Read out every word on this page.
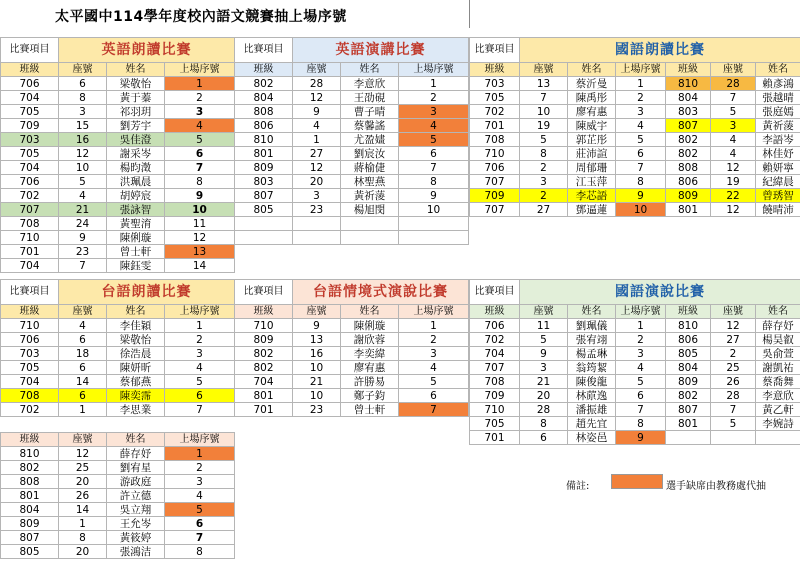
太平國中114學年度校內語文競賽抽上場序號
比賽項目	英語朗讀比賽		
班級	座號	姓名	上場序號
706	6	梁敬怡	1
704	8	黃于蓁	2
705	3	祁羽玥	3
709	15	劉芳宇	4
703	16	吳佳澄	5
705	12	謝采岑	6
704	10	楊昀澂	7
706	5	洪珮晨	8
702	4	胡婷宸	9
707	21	張詠智	10
708	24	黃聖淯	11
710	9	陳俐璇	12
701	23	曾士軒	13
704	7	陳鈺雯	14
比賽項目	英語演講比賽		
班級	座號	姓名	上場序號
802	28	李意欣	1
804	12	王劭硯	2
808	9	曹子晴	3
806	4	蔡馨謠	4
810	1	尤盈嫿	5
801	27	劉宸汝	6
809	12	蔣榆倢	7
803	20	林聖燕	8
807	3	黃祈蔆	9
805	23	楊旭閔	10

比賽項目	國語朗讀比賽					
班級	座號	姓名	上場序號	班級	座號	姓名
703	13	蔡沂曼	1	810	28	賴彥鴻
705	7	陳禹彤	2	804	7	張越晴
702	10	廖宥惠	3	803	5	張庭嫣
701	19	陳威宇	4	807	3	黃祈蔆
708	5	郭芷彤	5	802	4	李語岑
710	8	莊沛諠	6	802	4	林佳妤
706	2	周郁珊	7	808	12	賴妍寧
707	3	江玉萍	8	806	19	紀緯晨
709	2	李芯語	9	809	22	曾琇智
707	27	鄧逼蓮	10	801	12	饒晴沛
比賽項目	台語朗讀比賽		
班級	座號	姓名	上場序號
710	4	李佳穎	1
706	6	梁敬怡	2
703	18	徐浩晨	3
705	6	陳妍昕	4
704	14	蔡郁燕	5
708	6	陳奕霈	6
702	1	李思業	7
比賽項目	台語情境式演說比賽		
班級	座號	姓名	上場序號
710	9	陳俐璇	1
809	13	謝欣蓉	2
802	16	李奕緯	3
802	10	廖宥惠	4
704	21	許勝易	5
801	10	鄭子鈞	6
701	23	曾士軒	7
比賽項目	國語演說比賽					
班級	座號	姓名	上場序號	班級	座號	姓名
706	11	劉珮儀	1	810	12	薛存妤
702	5	張宥翊	2	806	27	楊昊叡
704	9	楊孟琳	3	805	2	吳俞萱
707	3	翁筠絜	4	804	25	謝凱祐
708	21	陳俊龍	5	809	26	蔡喬舞
709	20	林蒝逸	6	802	28	李意欣
710	28	潘振雄	7	807	7	黃乙軒
705	8	趙先宜	8	801	5	李婉詩
701	6	林姿邑	9			
班級	座號	姓名	上場序號
810	12	薛存妤	1
802	25	劉宥星	2
808	20	游政庭	3
801	26	許立德	4
804	14	吳立翔	5
809	1	王允岑	6
807	8	黃筱婷	7
805	20	張鴻洁	8
備註:	選手缺席由教務處代抽
